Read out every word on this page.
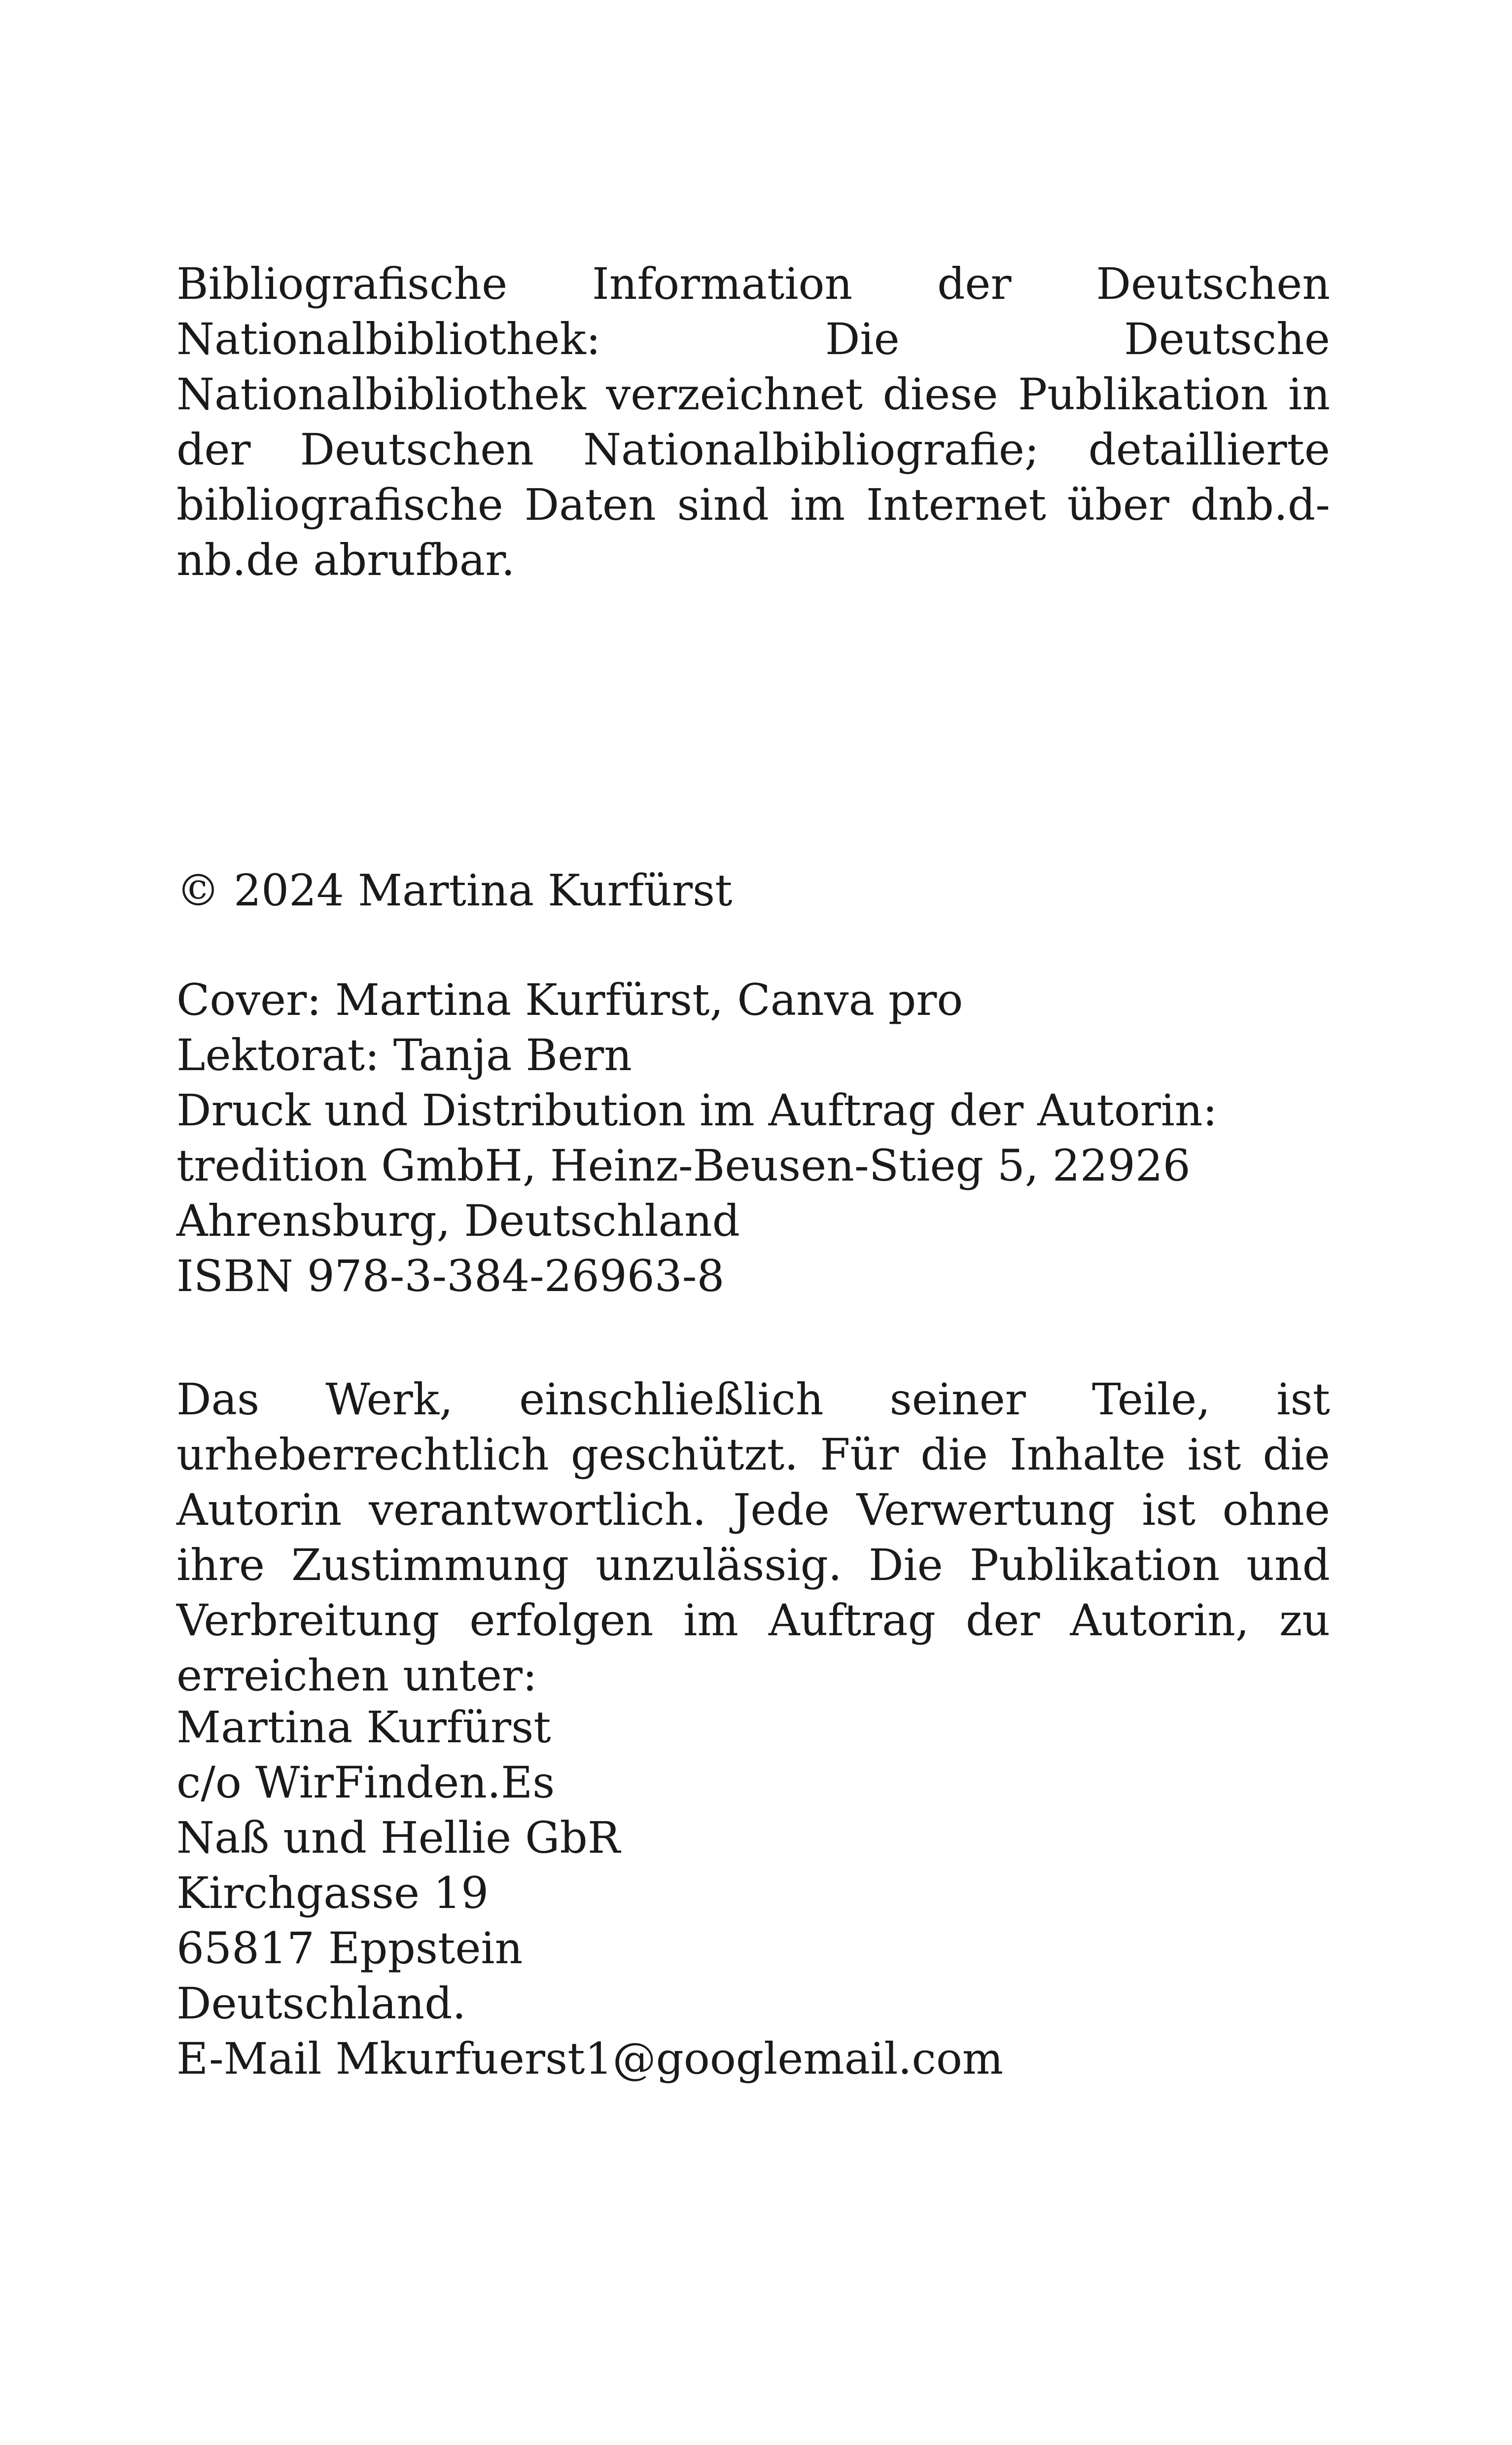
Bibliografische Information der Deutschen Nationalbibliothek: Die Deutsche Nationalbibliothek verzeichnet diese Publikation in der Deutschen Nationalbibliografie; detaillierte bibliografische Daten sind im Internet über dnb.d-nb.de abrufbar.

© 2024 Martina Kurfürst

Cover: Martina Kurfürst, Canva pro
Lektorat: Tanja Bern
Druck und Distribution im Auftrag der Autorin:
tredition GmbH, Heinz-Beusen-Stieg 5, 22926
Ahrensburg, Deutschland
ISBN 978-3-384-26963-8

Das Werk, einschließlich seiner Teile, ist urheberrechtlich geschützt. Für die Inhalte ist die Autorin verantwortlich. Jede Verwertung ist ohne ihre Zustimmung unzulässig. Die Publikation und Verbreitung erfolgen im Auftrag der Autorin, zu erreichen unter:

Martina Kurfürst
c/o WirFinden.Es
Naß und Hellie GbR
Kirchgasse 19
65817 Eppstein
Deutschland.
E-Mail Mkurfuerst1@googlemail.com
